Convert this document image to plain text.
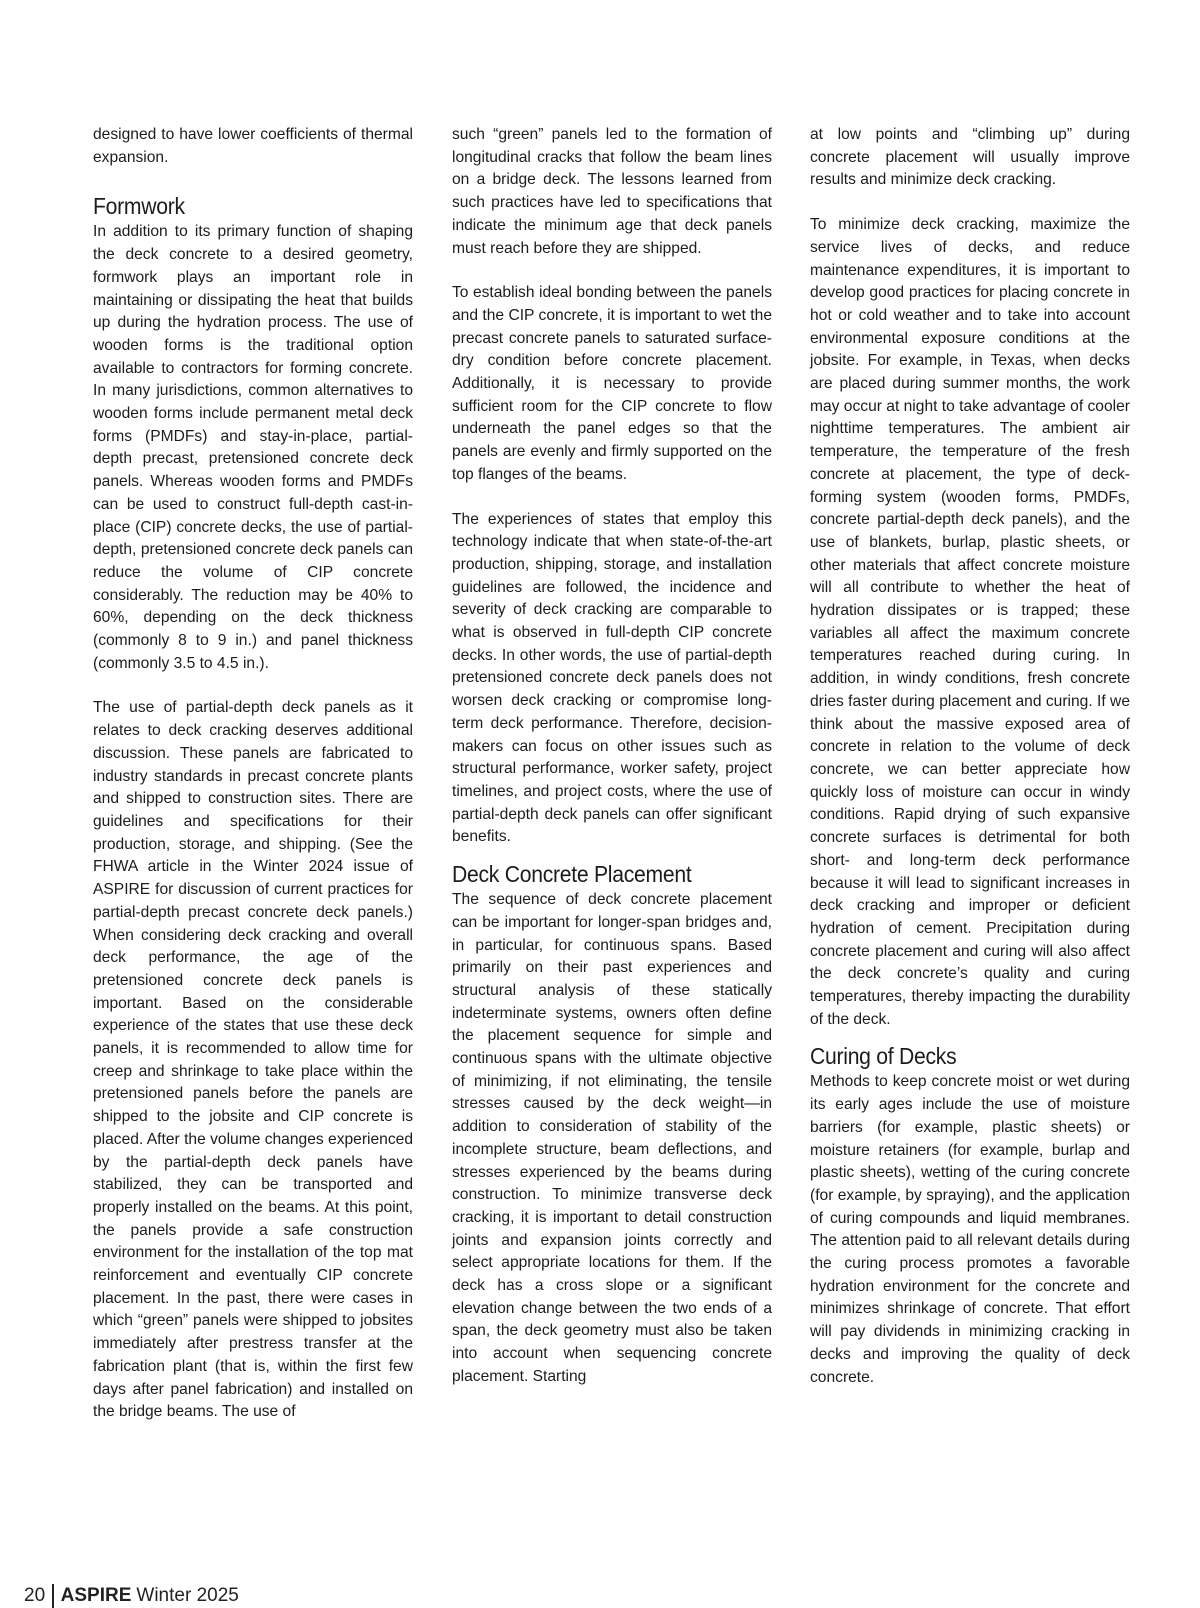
designed to have lower coefficients of thermal expansion.

Formwork

In addition to its primary function of shaping the deck concrete to a desired geometry, formwork plays an important role in maintaining or dissipating the heat that builds up during the hydration process. The use of wooden forms is the traditional option available to contractors for forming concrete. In many jurisdictions, common alternatives to wooden forms include permanent metal deck forms (PMDFs) and stay-in-place, partial-depth precast, pretensioned concrete deck panels. Whereas wooden forms and PMDFs can be used to construct full-depth cast-in-place (CIP) concrete decks, the use of partial-depth, pretensioned concrete deck panels can reduce the volume of CIP concrete considerably. The reduction may be 40% to 60%, depending on the deck thickness (commonly 8 to 9 in.) and panel thickness (commonly 3.5 to 4.5 in.).

The use of partial-depth deck panels as it relates to deck cracking deserves additional discussion. These panels are fabricated to industry standards in precast concrete plants and shipped to construction sites. There are guidelines and specifications for their production, storage, and shipping. (See the FHWA article in the Winter 2024 issue of ASPIRE for discussion of current practices for partial-depth precast concrete deck panels.) When considering deck cracking and overall deck performance, the age of the pretensioned concrete deck panels is important. Based on the considerable experience of the states that use these deck panels, it is recommended to allow time for creep and shrinkage to take place within the pretensioned panels before the panels are shipped to the jobsite and CIP concrete is placed. After the volume changes experienced by the partial-depth deck panels have stabilized, they can be transported and properly installed on the beams. At this point, the panels provide a safe construction environment for the installation of the top mat reinforcement and eventually CIP concrete placement. In the past, there were cases in which “green” panels were shipped to jobsites immediately after prestress transfer at the fabrication plant (that is, within the first few days after panel fabrication) and installed on the bridge beams. The use of

such “green” panels led to the formation of longitudinal cracks that follow the beam lines on a bridge deck. The lessons learned from such practices have led to specifications that indicate the minimum age that deck panels must reach before they are shipped.

To establish ideal bonding between the panels and the CIP concrete, it is important to wet the precast concrete panels to saturated surface-dry condition before concrete placement. Additionally, it is necessary to provide sufficient room for the CIP concrete to flow underneath the panel edges so that the panels are evenly and firmly supported on the top flanges of the beams.

The experiences of states that employ this technology indicate that when state-of-the-art production, shipping, storage, and installation guidelines are followed, the incidence and severity of deck cracking are comparable to what is observed in full-depth CIP concrete decks. In other words, the use of partial-depth pretensioned concrete deck panels does not worsen deck cracking or compromise long-term deck performance. Therefore, decision-makers can focus on other issues such as structural performance, worker safety, project timelines, and project costs, where the use of partial-depth deck panels can offer significant benefits.

Deck Concrete Placement

The sequence of deck concrete placement can be important for longer-span bridges and, in particular, for continuous spans. Based primarily on their past experiences and structural analysis of these statically indeterminate systems, owners often define the placement sequence for simple and continuous spans with the ultimate objective of minimizing, if not eliminating, the tensile stresses caused by the deck weight—in addition to consideration of stability of the incomplete structure, beam deflections, and stresses experienced by the beams during construction. To minimize transverse deck cracking, it is important to detail construction joints and expansion joints correctly and select appropriate locations for them. If the deck has a cross slope or a significant elevation change between the two ends of a span, the deck geometry must also be taken into account when sequencing concrete placement. Starting

at low points and “climbing up” during concrete placement will usually improve results and minimize deck cracking.

To minimize deck cracking, maximize the service lives of decks, and reduce maintenance expenditures, it is important to develop good practices for placing concrete in hot or cold weather and to take into account environmental exposure conditions at the jobsite. For example, in Texas, when decks are placed during summer months, the work may occur at night to take advantage of cooler nighttime temperatures. The ambient air temperature, the temperature of the fresh concrete at placement, the type of deck-forming system (wooden forms, PMDFs, concrete partial-depth deck panels), and the use of blankets, burlap, plastic sheets, or other materials that affect concrete moisture will all contribute to whether the heat of hydration dissipates or is trapped; these variables all affect the maximum concrete temperatures reached during curing. In addition, in windy conditions, fresh concrete dries faster during placement and curing. If we think about the massive exposed area of concrete in relation to the volume of deck concrete, we can better appreciate how quickly loss of moisture can occur in windy conditions. Rapid drying of such expansive concrete surfaces is detrimental for both short- and long-term deck performance because it will lead to significant increases in deck cracking and improper or deficient hydration of cement. Precipitation during concrete placement and curing will also affect the deck concrete’s quality and curing temperatures, thereby impacting the durability of the deck.

Curing of Decks

Methods to keep concrete moist or wet during its early ages include the use of moisture barriers (for example, plastic sheets) or moisture retainers (for example, burlap and plastic sheets), wetting of the curing concrete (for example, by spraying), and the application of curing compounds and liquid membranes. The attention paid to all relevant details during the curing process promotes a favorable hydration environment for the concrete and minimizes shrinkage of concrete. That effort will pay dividends in minimizing cracking in decks and improving the quality of deck concrete.

20 ASPIRE Winter 2025
